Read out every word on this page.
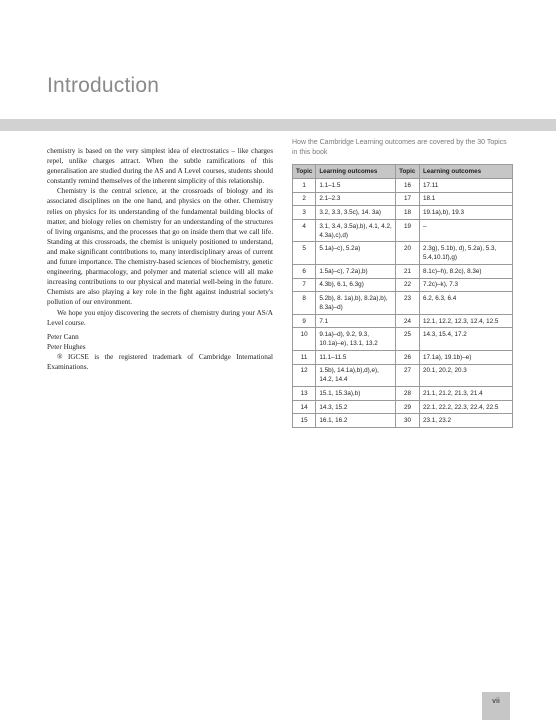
Introduction

chemistry is based on the very simplest idea of electrostatics – like charges repel, unlike charges attract. When the subtle ramifications of this generalisation are studied during the AS and A Level courses, students should constantly remind themselves of the inherent simplicity of this relationship.

Chemistry is the central science, at the crossroads of biology and its associated disciplines on the one hand, and physics on the other. Chemistry relies on physics for its understanding of the fundamental building blocks of matter, and biology relies on chemistry for an understanding of the structures of living organisms, and the processes that go on inside them that we call life. Standing at this crossroads, the chemist is uniquely positioned to understand, and make significant contributions to, many interdisciplinary areas of current and future importance. The chemistry-based sciences of biochemistry, genetic engineering, pharmacology, and polymer and material science will all make increasing contributions to our physical and material well-being in the future. Chemists are also playing a key role in the fight against industrial society's pollution of our environment.

We hope you enjoy discovering the secrets of chemistry during your AS/A Level course.

Peter Cann

Peter Hughes

® IGCSE is the registered trademark of Cambridge International Examinations.

How the Cambridge Learning outcomes are covered by the 30 Topics in this book
Topic	Learning outcomes	Topic	Learning outcomes
1	1.1–1.5	16	17.11
2	2.1–2.3	17	18.1
3	3.2, 3.3, 3.5c), 14. 3a)	18	19.1a),b), 19.3
4	3.1, 3.4, 3.5a),b), 4.1, 4.2, 4.3a),c),d)	19	–
5	5.1a)–c), 5.2a)	20	2.3g), 5.1b), d), 5.2a), 5.3, 5.4,10.1f),g)
6	1.5a)–c), 7.2a),b)	21	8.1c)–h), 8.2c), 8.3e)
7	4.3b), 6.1, 6.3g)	22	7.2c)–k), 7.3
8	5.2b), 8. 1a),b), 8.2a),b), 8.3a)–d)	23	6.2, 6.3, 6.4
9	7.1	24	12.1, 12.2, 12.3, 12.4, 12.5
10	9.1a)–d), 9.2, 9.3, 10.1a)–e), 13.1, 13.2	25	14.3, 15.4, 17.2
11	11.1–11.5	26	17.1a), 19.1b)–e)
12	1.5b), 14.1a),b),d),e), 14.2, 14.4	27	20.1, 20.2, 20.3
13	15.1, 15.3a),b)	28	21.1, 21.2, 21.3, 21.4
14	14.3, 15.2	29	22.1, 22.2, 22.3, 22.4, 22.5
15	16.1, 16.2	30	23.1, 23.2
vii
